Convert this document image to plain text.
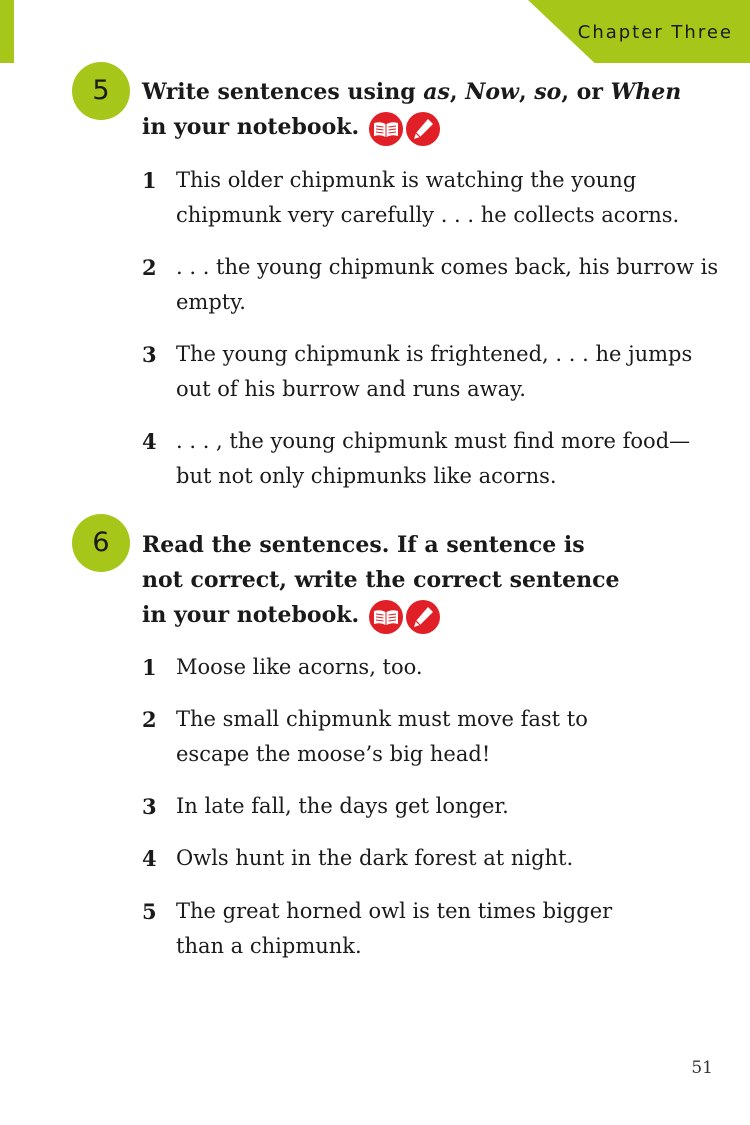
Chapter Three
5	Write sentences using as, Now, so, or When
in your notebook.
1 This older chipmunk is watching the young chipmunk very carefully . . . he collects acorns.
2 . . . the young chipmunk comes back, his burrow is empty.
3 The young chipmunk is frightened, . . . he jumps out of his burrow and runs away.
4 . . . , the young chipmunk must find more food—but not only chipmunks like acorns.
6	Read the sentences. If a sentence is not correct, write the correct sentence in your notebook.
1 Moose like acorns, too.
2 The small chipmunk must move fast to escape the moose’s big head!
3 In late fall, the days get longer.
4 Owls hunt in the dark forest at night.
5 The great horned owl is ten times bigger than a chipmunk.
51
